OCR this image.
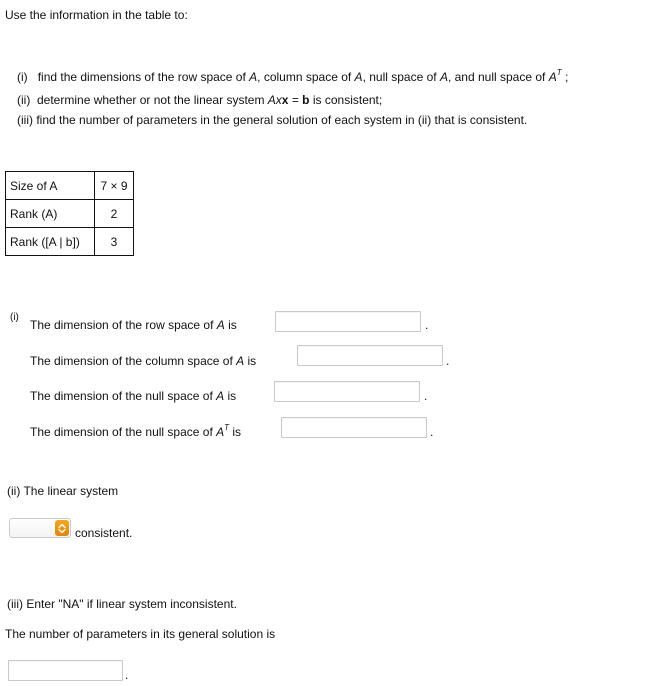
Use the information in the table to:
(i) find the dimensions of the row space of A, column space of A, null space of A, and null space of $A^T$ ;
(ii) determine whether or not the linear system Axx = b is consistent;
(iii) find the number of parameters in the general solution of each system in (ii) that is consistent.
Size of A	7 × 9
Rank (A)	2
Rank ([A | b])	3
(i)
The dimension of the row space of A is	.
The dimension of the column space of A is	.
The dimension of the null space of A is	.
The dimension of the null space of $A^T$ is	.
(ii) The linear system
consistent.
(iii) Enter "NA" if linear system inconsistent.
The number of parameters in its general solution is
.
